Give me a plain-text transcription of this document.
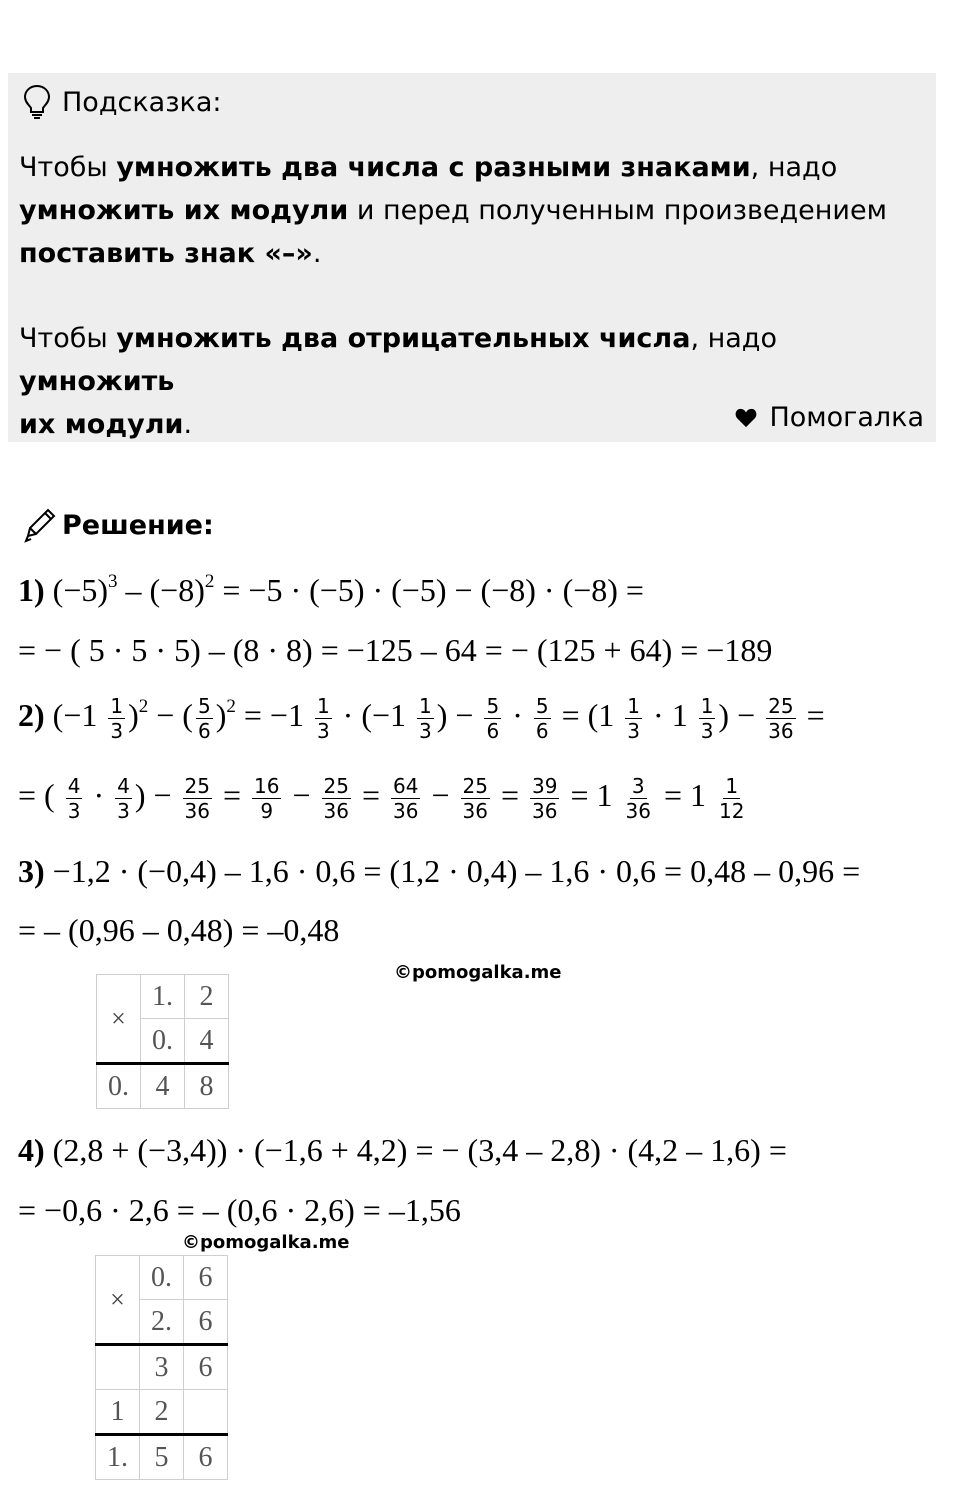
Подсказка:

Чтобы умножить два числа с разными знаками, надо
умножить их модули и перед полученным произведением
поставить знак «–».

Чтобы умножить два отрицательных числа, надо умножить
их модули.	Помогалка
Решение:
1) $(-5)^3 - (-8)^2 = -5 \cdot (-5) \cdot (-5) - (-8) \cdot (-8)$ =
= − ( 5 · 5 · 5) – (8 · 8) = −125 – 64 = − (125 + 64) = −189
2) $(-1 \frac{1}{3} )^2$ − ( $\frac{5}{6} )^2 = -1 \frac{1}{3} \cdot (-1 \frac{1}{3}$ ) − $\frac{5}{6} \cdot \frac{5}{6} = (1 \frac{1}{3} \cdot 1 \frac{1}{3}$ ) − $\frac{25}{36}$ =
= ( $\frac{4}{3} \cdot \frac{4}{3}$ ) − $\frac{25}{36} = \frac{16}{9} - \frac{25}{36} = \frac{64}{36} - \frac{25}{36} = \frac{39}{36} = 1 \frac{3}{36} = 1 \frac{1}{12}$
3) −1,2 · (−0,4) – 1,6 · 0,6 = (1,2 · 0,4) – 1,6 · 0,6 = 0,48 – 0,96 =
= – (0,96 – 0,48) = –0,48
©pomogalka.me
×	1.	2
	0.	4
0.	4	8
4) (2,8 + (−3,4)) · (−1,6 + 4,2) = − (3,4 – 2,8) · (4,2 – 1,6) =
= −0,6 · 2,6 = – (0,6 · 2,6) = –1,56
©pomogalka.me
×	0.	6
	2.	6
	3	6
1	2	
1.	5	6
